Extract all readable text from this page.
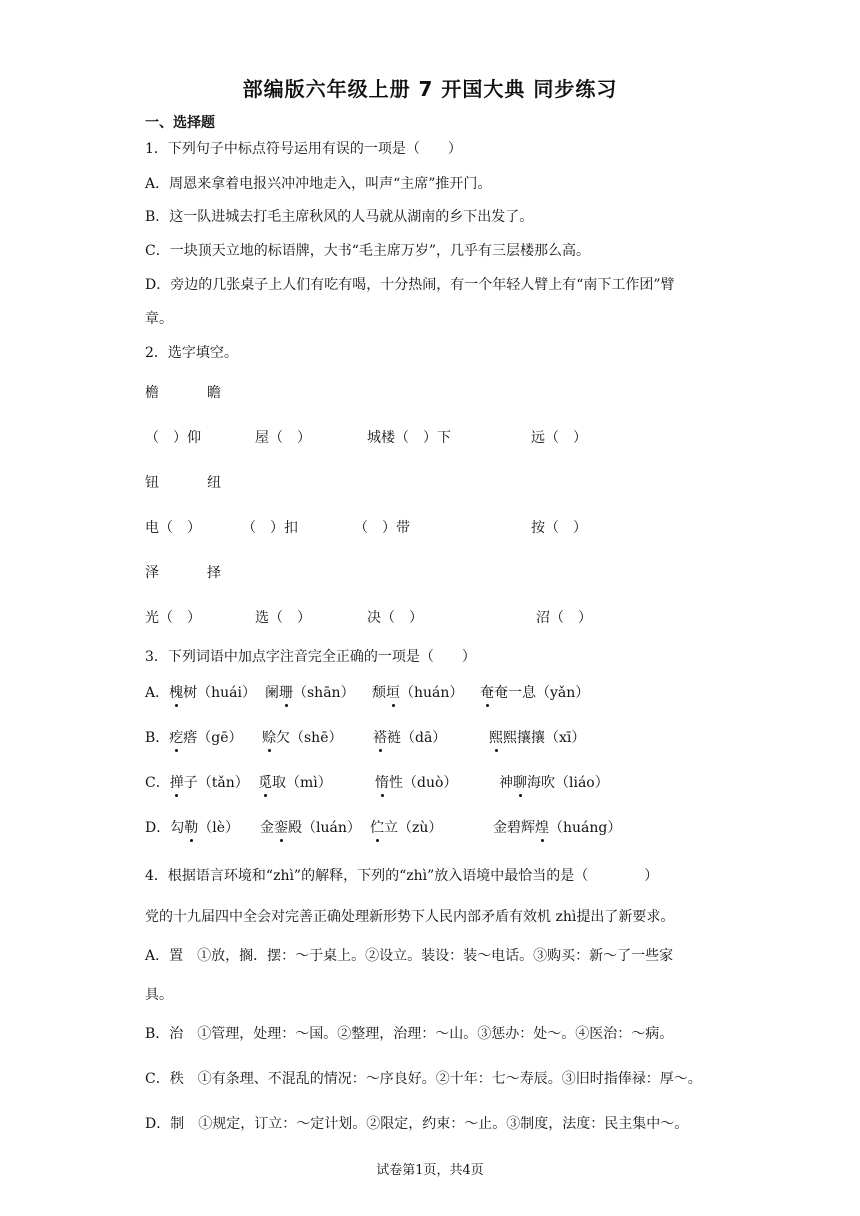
部编版六年级上册 7 开国大典 同步练习
一、选择题
1．下列句子中标点符号运用有误的一项是（　　）
A．周恩来拿着电报兴冲冲地走入，叫声“主席”推开门。
B．这一队进城去打毛主席秋风的人马就从湖南的乡下出发了。
C．一块顶天立地的标语牌，大书“毛主席万岁”，几乎有三层楼那么高。
D．旁边的几张桌子上人们有吃有喝，十分热闹，有一个年轻人臂上有“南下工作团”臂
章。
2．选字填空。
檐	瞻
（　）仰	屋（　）	城楼（　）下	远（　）
钮	纽
电（　）	（　）扣	（　）带	按（　）
泽	择
光（　）	选（　）	决（　）	沼（　）
3．下列词语中加点字注音完全正确的一项是（　　）
A．槐树（huái） 阑珊（shān） 颓垣（huán） 奄奄一息（yǎn）
B．疙瘩（gē） 赊欠（shē） 褡裢（dā）	熙熙攘攘（xī）
C．掸子（tǎn） 觅取（mì）	惰性（duò）	神聊海吹（liáo）
D．勾勒（lè） 金銮殿（luán） 伫立（zù）	金碧辉煌（huáng）
4．根据语言环境和“zhì”的解释，下列的“zhì”放入语境中最恰当的是（　　　　）
党的十九届四中全会对完善正确处理新形势下人民内部矛盾有效机 zhì提出了新要求。
A．置　①放，搁．摆：～于桌上。②设立。装设：装～电话。③购买：新～了一些家
具。
B．治　①管理，处理：～国。②整理，治理：～山。③惩办：处～。④医治：～病。
C．秩　①有条理、不混乱的情况：～序良好。②十年：七～寿辰。③旧时指俸禄：厚～。
D．制　①规定，订立：～定计划。②限定，约束：～止。③制度，法度：民主集中～。
试卷第1页，共4页
